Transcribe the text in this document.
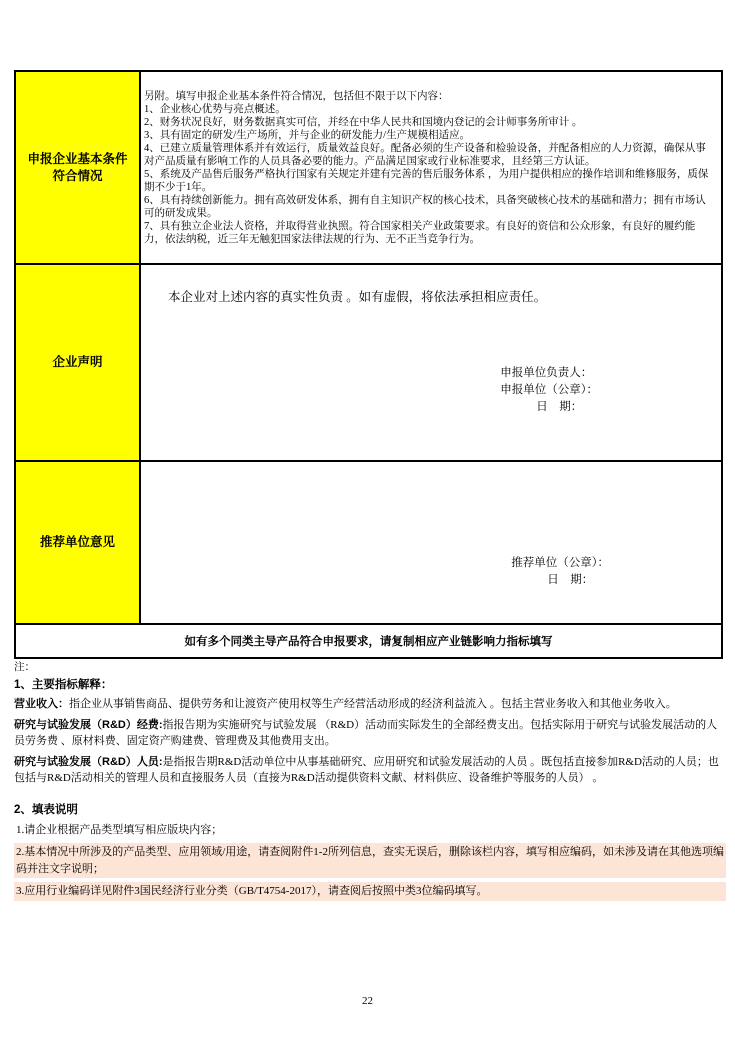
申报企业基本条件符合情况

另附。填写申报企业基本条件符合情况，包括但不限于以下内容：

1、企业核心优势与亮点概述。

2、财务状况良好，财务数据真实可信，并经在中华人民共和国境内登记的会计师事务所审计 。

3、具有固定的研发/生产场所，并与企业的研发能力/生产规模相适应。

4、已建立质量管理体系并有效运行，质量效益良好。配备必须的生产设备和检验设备，并配备相应的人力资源，确保从事对产品质量有影响工作的人员具备必要的能力。产品满足国家或行业标准要求，且经第三方认证。

5、系统及产品售后服务严格执行国家有关规定并建有完善的售后服务体系 ，为用户提供相应的操作培训和维修服务，质保期不少于1年。

6、具有持续创新能力。拥有高效研发体系，拥有自主知识产权的核心技术，具备突破核心技术的基础和潜力；拥有市场认可的研发成果。

7、具有独立企业法人资格，并取得营业执照。符合国家相关产业政策要求。有良好的资信和公众形象，有良好的履约能力，依法纳税，近三年无触犯国家法律法规的行为、无不正当竞争行为。

企业声明
本企业对上述内容的真实性负责 。如有虚假，将依法承担相应责任。
申报单位负责人：
申报单位（公章）：
日　期：
推荐单位意见
推荐单位（公章）：
日　期：
如有多个同类主导产品符合申报要求，请复制相应产业链影响力指标填写
注：
1、主要指标解释：
营业收入：指企业从事销售商品、提供劳务和让渡资产使用权等生产经营活动形成的经济利益流入 。包括主营业务收入和其他业务收入。
研究与试验发展（R&D）经费:指报告期为实施研究与试验发展 （R&D）活动而实际发生的全部经费支出。包括实际用于研究与试验发展活动的人员劳务费 、原材料费、固定资产购建费、管理费及其他费用支出。
研究与试验发展（R&D）人员:是指报告期R&D活动单位中从事基础研究、应用研究和试验发展活动的人员 。既包括直接参加R&D活动的人员；也包括与R&D活动相关的管理人员和直接服务人员（直接为R&D活动提供资料文献、材料供应、设备维护等服务的人员） 。
2、填表说明
1.请企业根据产品类型填写相应版块内容；
2.基本情况中所涉及的产品类型、应用领域/用途，请查阅附件1-2所列信息，查实无误后，删除该栏内容，填写相应编码，如未涉及请在其他选项编码并注文字说明；
3.应用行业编码详见附件3国民经济行业分类（GB/T4754-2017），请查阅后按照中类3位编码填写。
22
